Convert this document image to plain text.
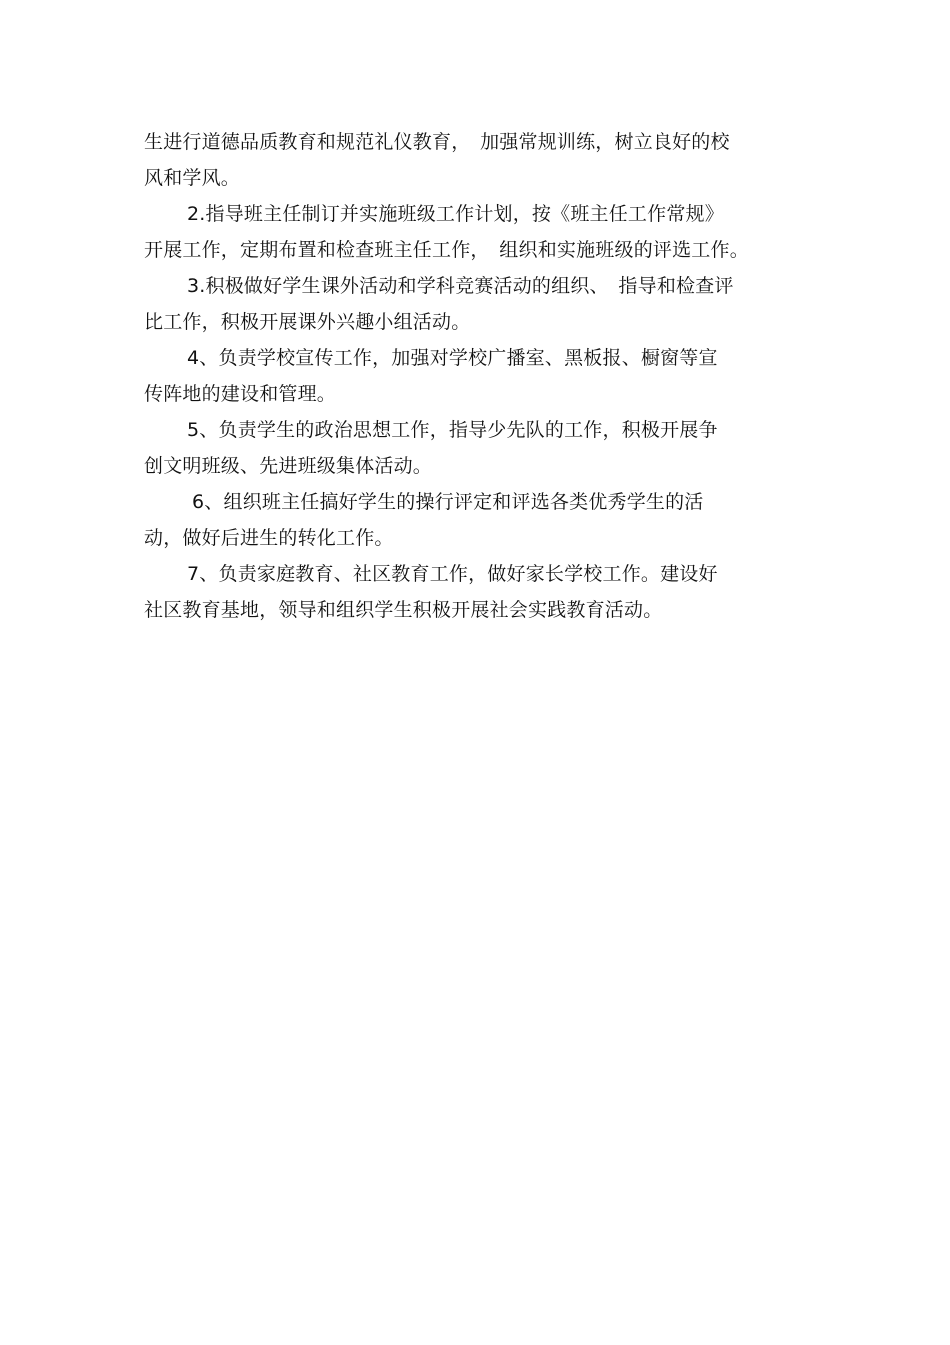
生进行道德品质教育和规范礼仪教育，　加强常规训练，树立良好的校
风和学风。
2.指导班主任制订并实施班级工作计划，按《班主任工作常规》
开展工作，定期布置和检查班主任工作，　组织和实施班级的评选工作。
3.积极做好学生课外活动和学科竞赛活动的组织、　指导和检查评
比工作，积极开展课外兴趣小组活动。
4、负责学校宣传工作，加强对学校广播室、黑板报、橱窗等宣
传阵地的建设和管理。
5、负责学生的政治思想工作，指导少先队的工作，积极开展争
创文明班级、先进班级集体活动。
6、组织班主任搞好学生的操行评定和评选各类优秀学生的活
动，做好后进生的转化工作。
7、负责家庭教育、社区教育工作，做好家长学校工作。建设好
社区教育基地，领导和组织学生积极开展社会实践教育活动。
